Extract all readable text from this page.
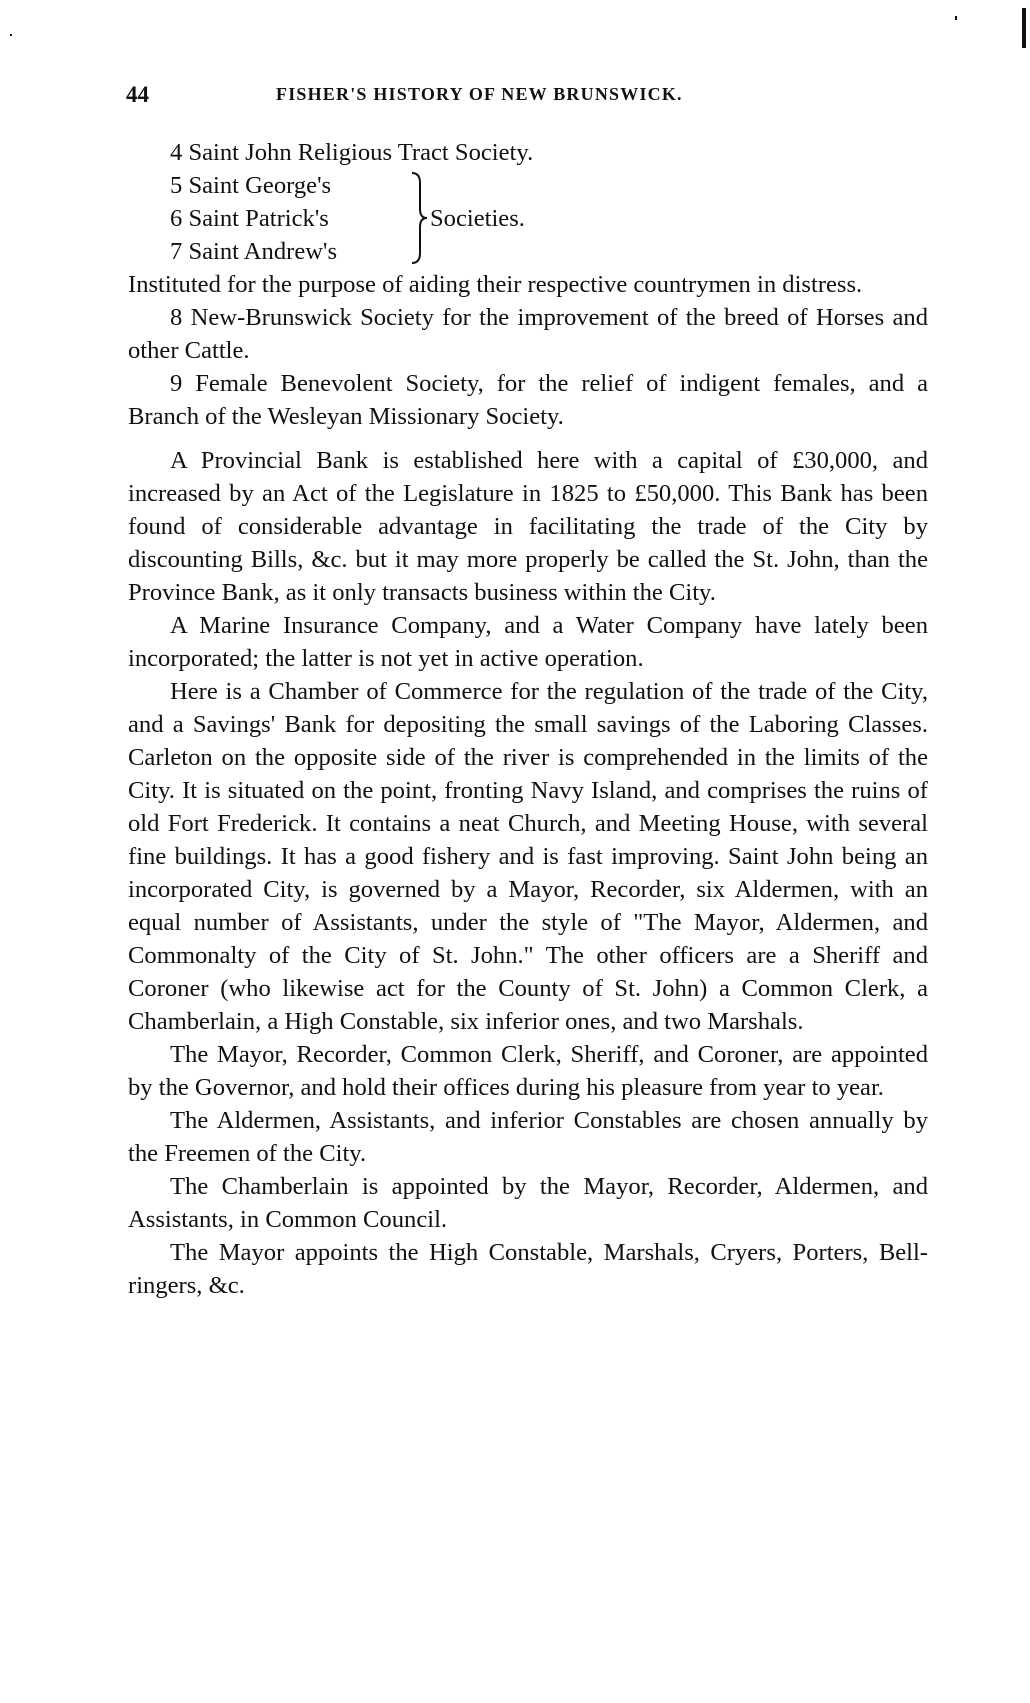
44	FISHER'S HISTORY OF NEW BRUNSWICK.
4 Saint John Religious Tract Society.
5 Saint George's
6 Saint Patrick's
7 Saint Andrew's
Societies.

Instituted for the purpose of aiding their respective countrymen in distress.

8 New-Brunswick Society for the improvement of the breed of Horses and other Cattle.

9 Female Benevolent Society, for the relief of indigent females, and a Branch of the Wesleyan Missionary Society.

A Provincial Bank is established here with a capital of £30,000, and increased by an Act of the Legislature in 1825 to £50,000. This Bank has been found of considerable advantage in facilitating the trade of the City by discounting Bills, &c. but it may more properly be called the St. John, than the Province Bank, as it only transacts business within the City.

A Marine Insurance Company, and a Water Company have lately been incorporated; the latter is not yet in active operation.

Here is a Chamber of Commerce for the regulation of the trade of the City, and a Savings' Bank for depositing the small savings of the Laboring Classes. Carleton on the opposite side of the river is comprehended in the limits of the City. It is situated on the point, fronting Navy Island, and comprises the ruins of old Fort Frederick. It contains a neat Church, and Meeting House, with several fine buildings. It has a good fishery and is fast improving. Saint John being an incorporated City, is governed by a Mayor, Recorder, six Aldermen, with an equal number of Assistants, under the style of "The Mayor, Aldermen, and Commonalty of the City of St. John." The other officers are a Sheriff and Coroner (who likewise act for the County of St. John) a Common Clerk, a Chamberlain, a High Constable, six inferior ones, and two Marshals.

The Mayor, Recorder, Common Clerk, Sheriff, and Coroner, are appointed by the Governor, and hold their offices during his pleasure from year to year.

The Aldermen, Assistants, and inferior Constables are chosen annually by the Freemen of the City.

The Chamberlain is appointed by the Mayor, Recorder, Aldermen, and Assistants, in Common Council.

The Mayor appoints the High Constable, Marshals, Cryers, Porters, Bell-ringers, &c.
